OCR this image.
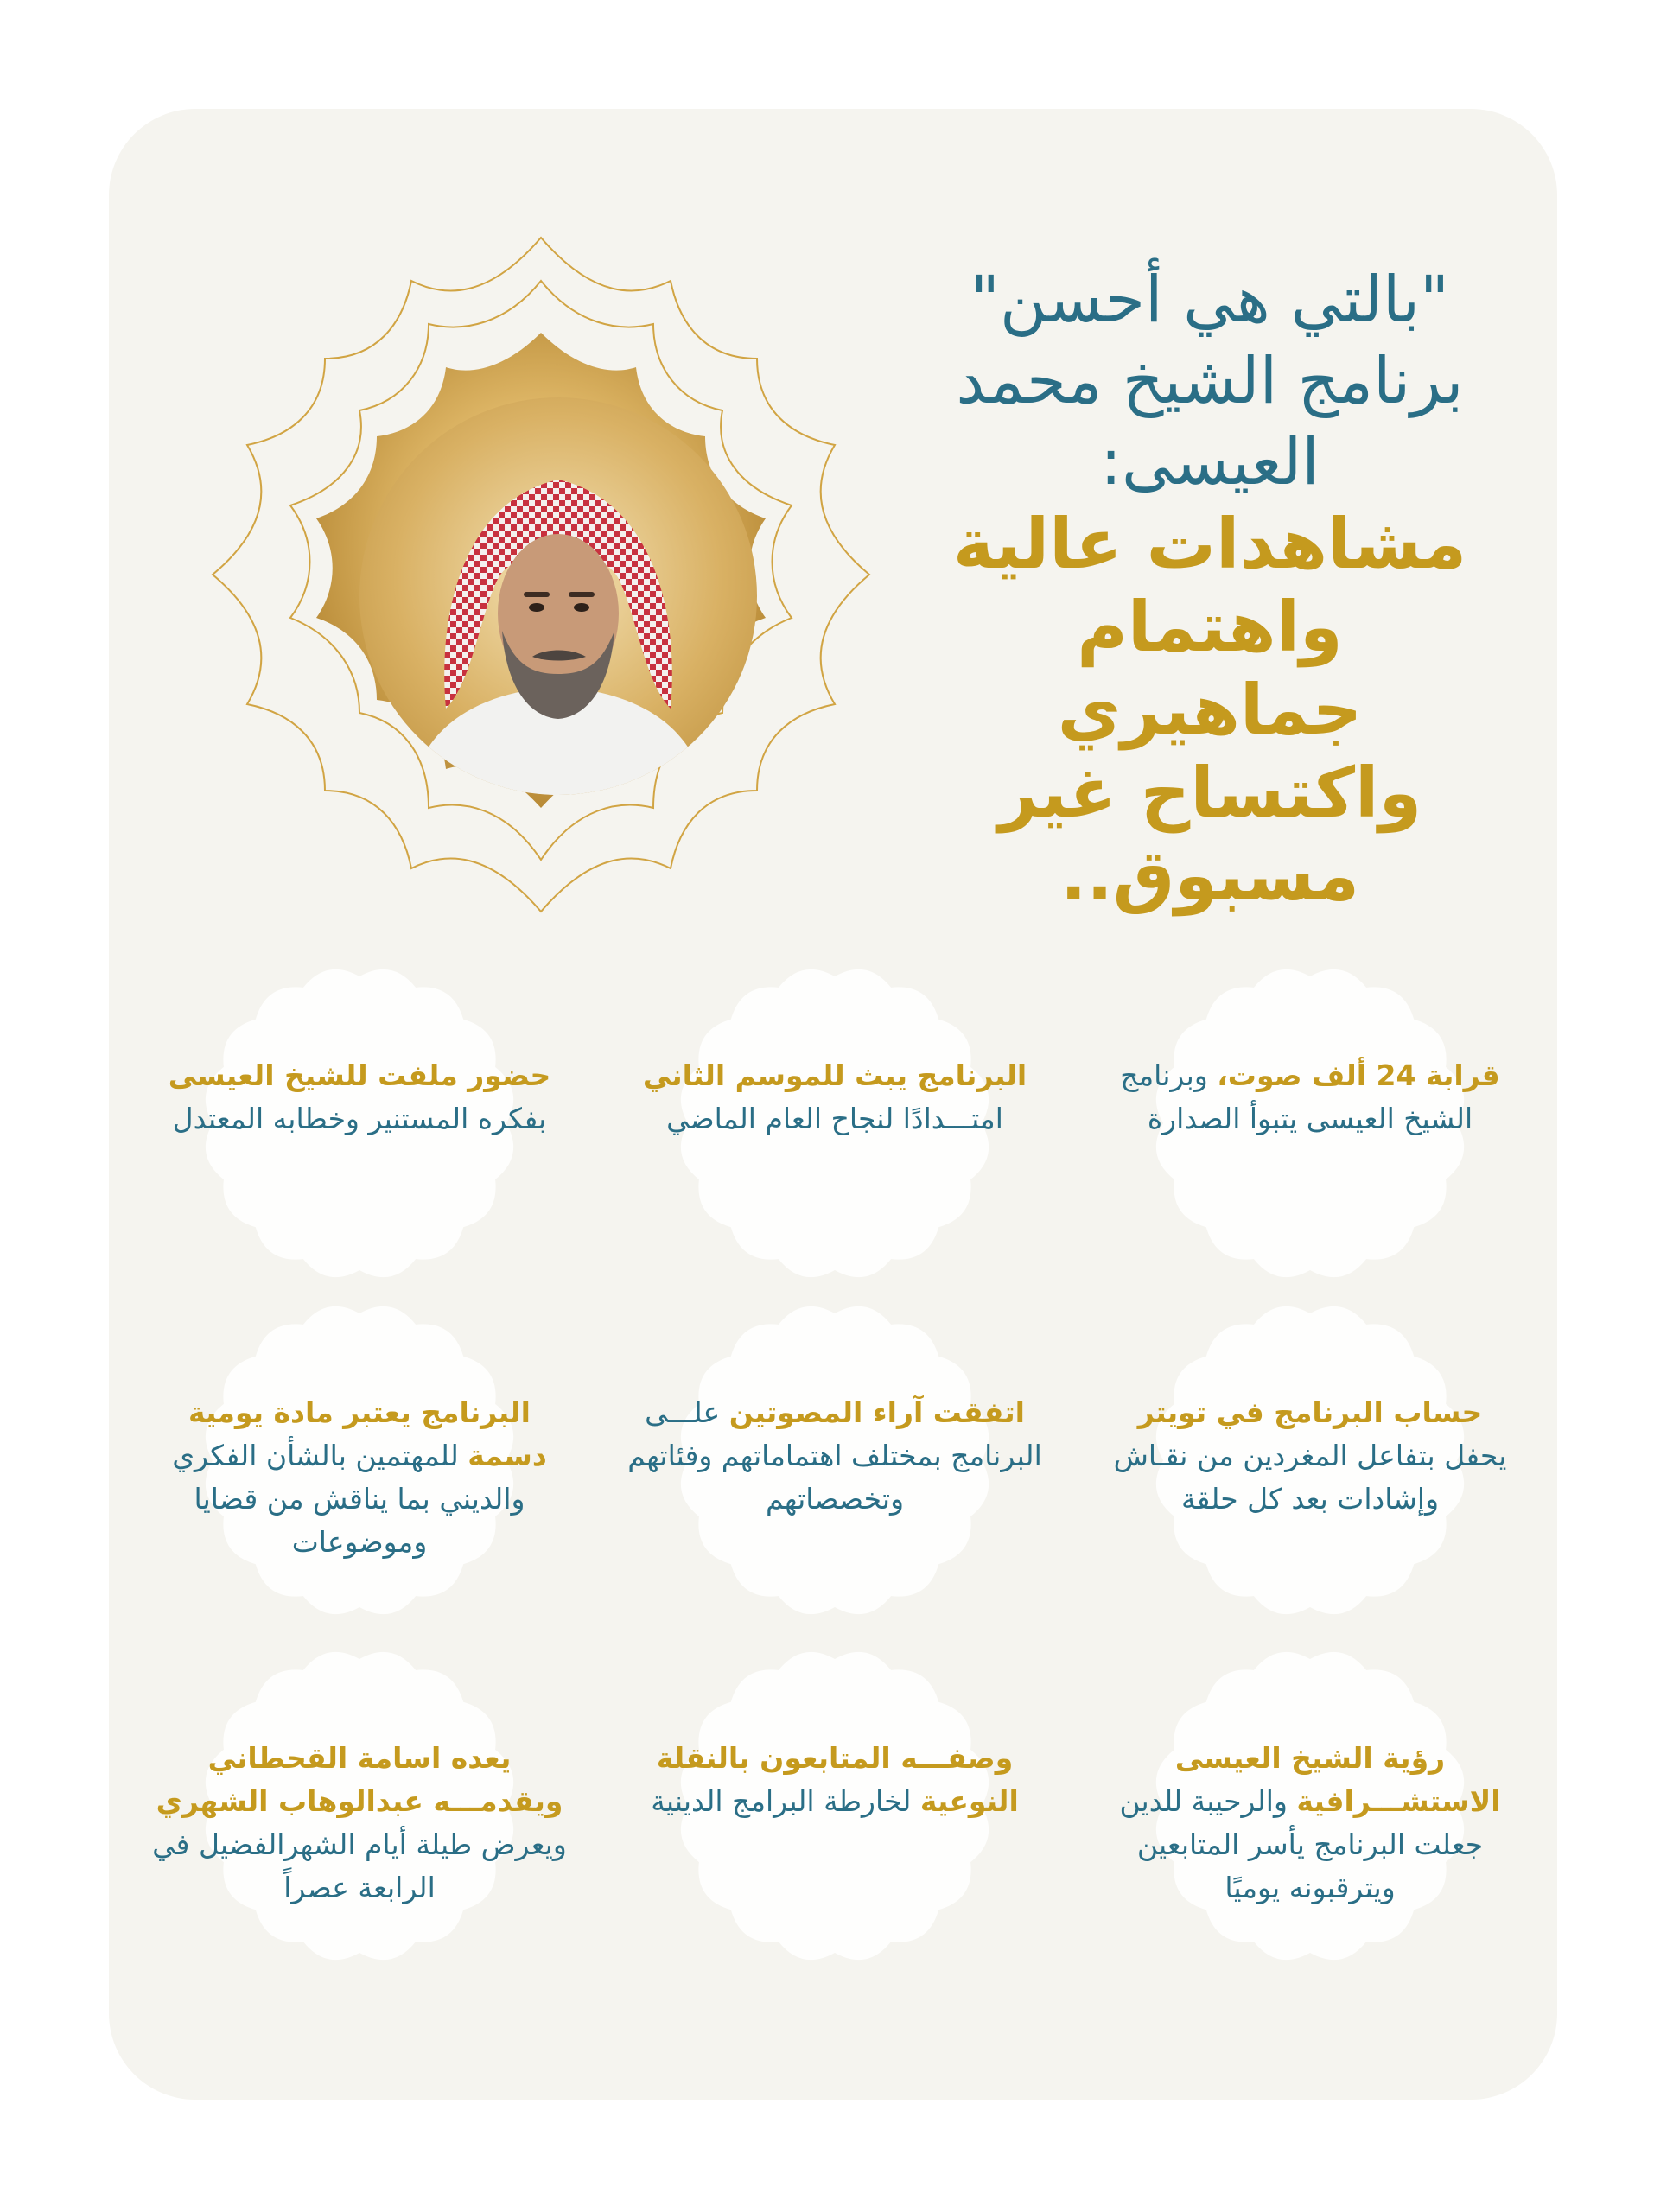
"بالتي هي أحسن"

برنامج الشيخ محمد

العيسى:

مشاهدات عالية

واهتمام جماهيري

واكتساح غير

مسبوق..

قرابة 24 ألف صوت، وبرنامج الشيخ العيسى يتبوأ الصدارة
البرنامج يبث للموسم الثاني امتـــدادًا لنجاح العام الماضي
حضور ملفت للشيخ العيسى بفكره المستنير وخطابه المعتدل
حساب البرنامج في تويتر يحفل بتفاعل المغردين من نقـاش وإشادات بعد كل حلقة
اتفقت آراء المصوتين علـــى البرنامج بمختلف اهتماماتهم وفئاتهم وتخصصاتهم
البرنامج يعتبر مادة يومية دسمة للمهتمين بالشأن الفكري والديني بما يناقش من قضايا وموضوعات
رؤية الشيخ العيسى الاستشـــرافية والرحيبة للدين جعلت البرنامج يأسر المتابعين ويترقبونه يوميًا
وصفـــه المتابعون بالنقلة النوعية لخارطة البرامج الدينية
يعده اسامة القحطاني ويقدمـــه عبدالوهاب الشهري ويعرض طيلة أيام الشهرالفضيل في الرابعة عصراً
